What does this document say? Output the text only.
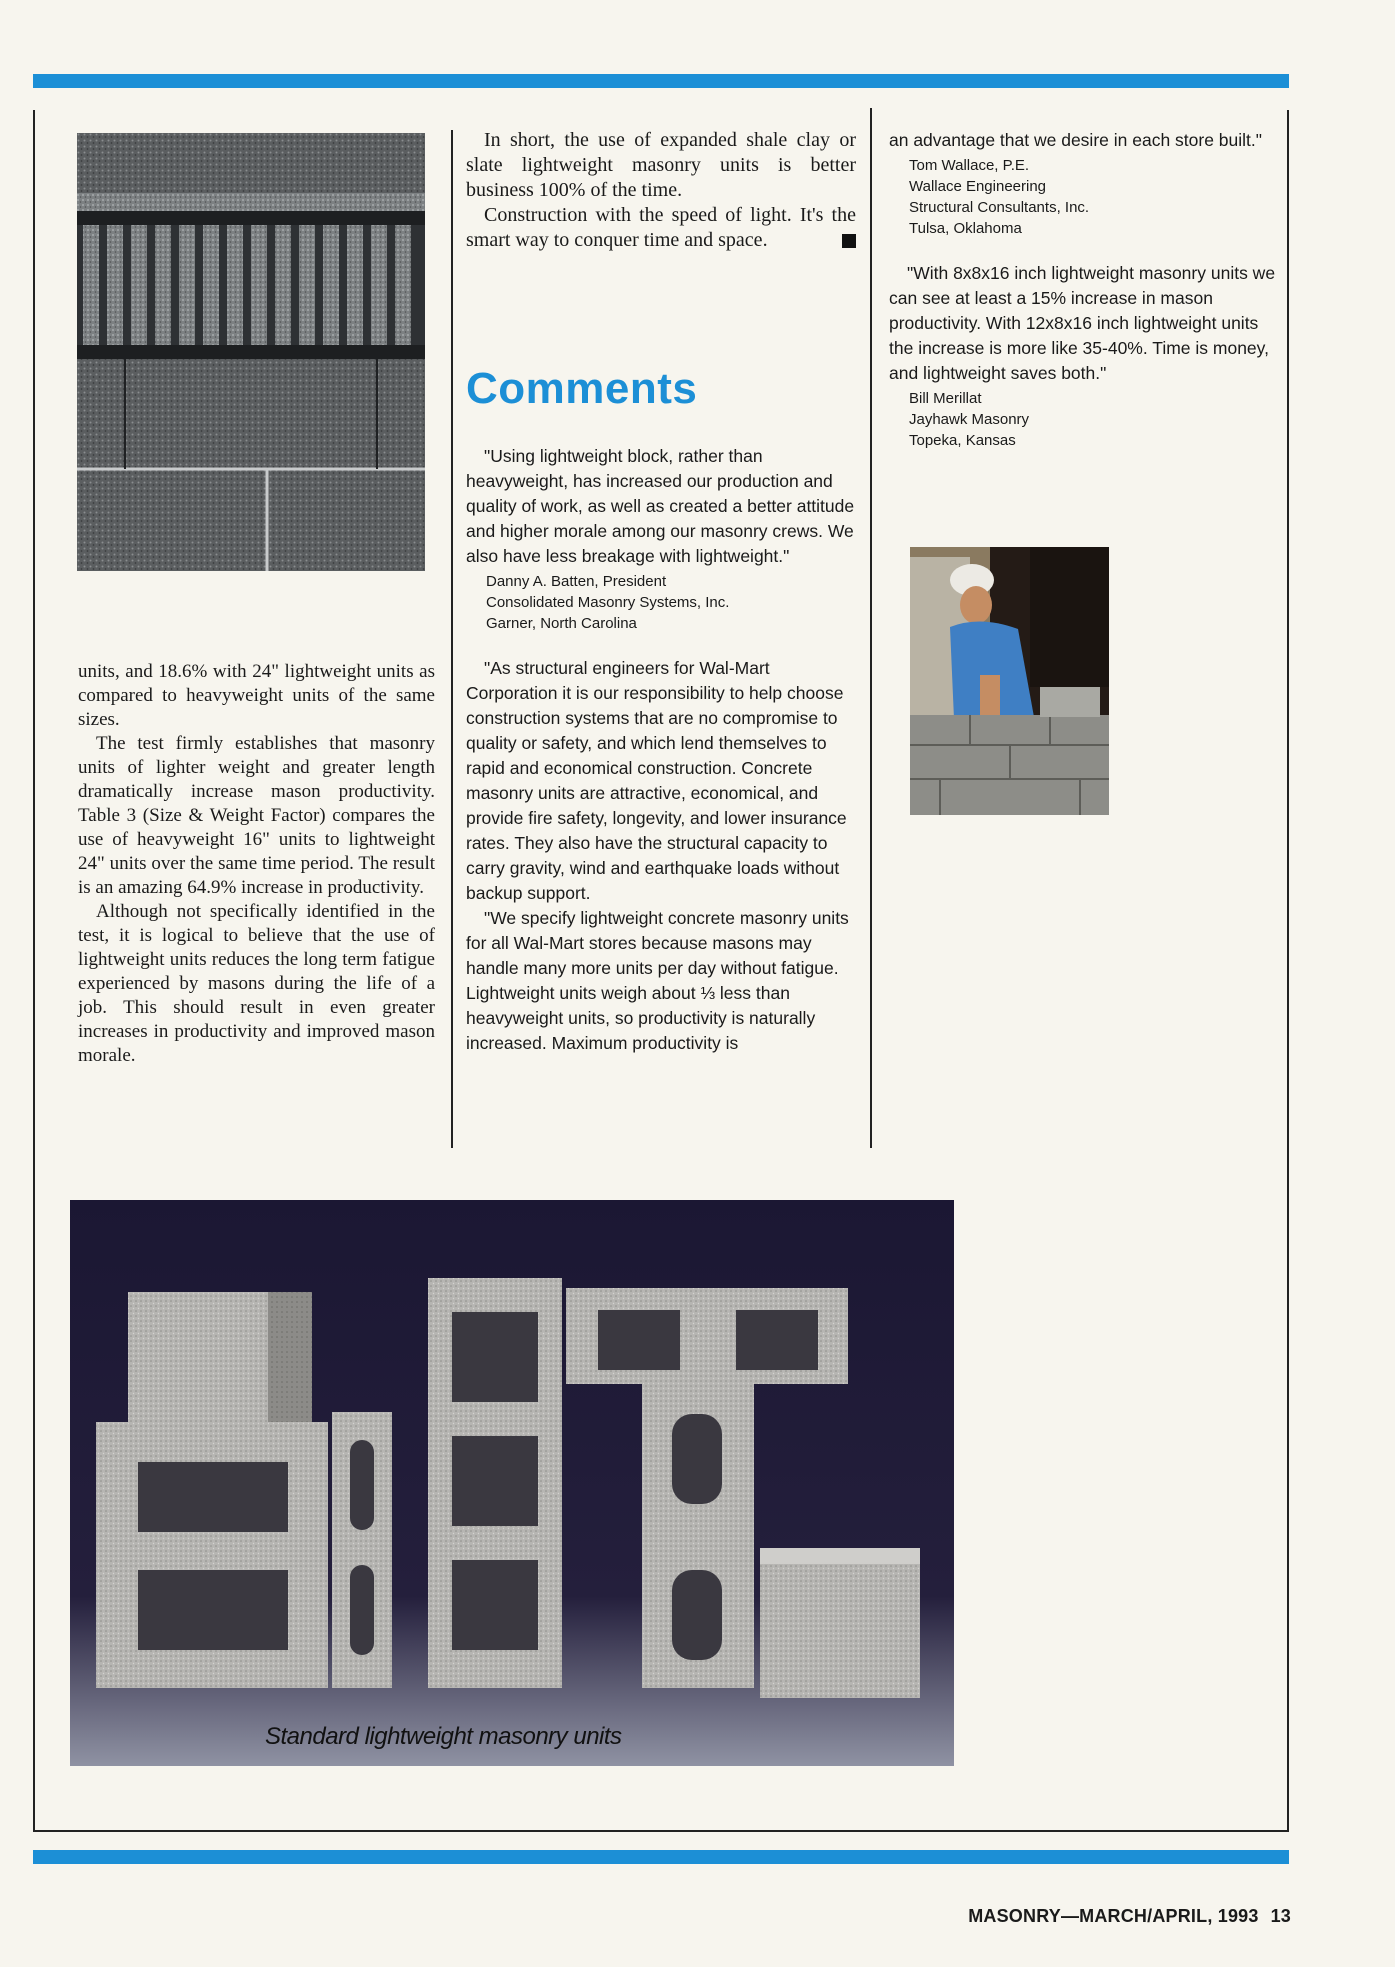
units, and 18.6% with 24" lightweight units as compared to heavyweight units of the same sizes.

The test firmly establishes that masonry units of lighter weight and greater length dramatically increase mason productivity. Table 3 (Size & Weight Factor) compares the use of heavyweight 16" units to lightweight 24" units over the same time period. The result is an amazing 64.9% increase in productivity.

Although not specifically identified in the test, it is logical to believe that the use of lightweight units reduces the long term fatigue experienced by masons during the life of a job. This should result in even greater increases in productivity and improved mason morale.

In short, the use of expanded shale clay or slate lightweight masonry units is better business 100% of the time.

Construction with the speed of light. It's the smart way to conquer time and space.

Comments

"Using lightweight block, rather than heavyweight, has increased our production and quality of work, as well as created a better attitude and higher morale among our masonry crews. We also have less breakage with lightweight."

Danny A. Batten, President
Consolidated Masonry Systems, Inc.
Garner, North Carolina

"As structural engineers for Wal-Mart Corporation it is our responsibility to help choose construction systems that are no compromise to quality or safety, and which lend themselves to rapid and economical construction. Concrete masonry units are attractive, economical, and provide fire safety, longevity, and lower insurance rates. They also have the structural capacity to carry gravity, wind and earthquake loads without backup support.

"We specify lightweight concrete masonry units for all Wal-Mart stores because masons may handle many more units per day without fatigue. Lightweight units weigh about ⅓ less than heavyweight units, so productivity is naturally increased. Maximum productivity is

an advantage that we desire in each store built."

Tom Wallace, P.E.
Wallace Engineering
Structural Consultants, Inc.
Tulsa, Oklahoma

"With 8x8x16 inch lightweight masonry units we can see at least a 15% increase in mason productivity. With 12x8x16 inch lightweight units the increase is more like 35-40%. Time is money, and lightweight saves both."

Bill Merillat
Jayhawk Masonry
Topeka, Kansas
Standard lightweight masonry units
MASONRY—MARCH/APRIL, 1993 13
